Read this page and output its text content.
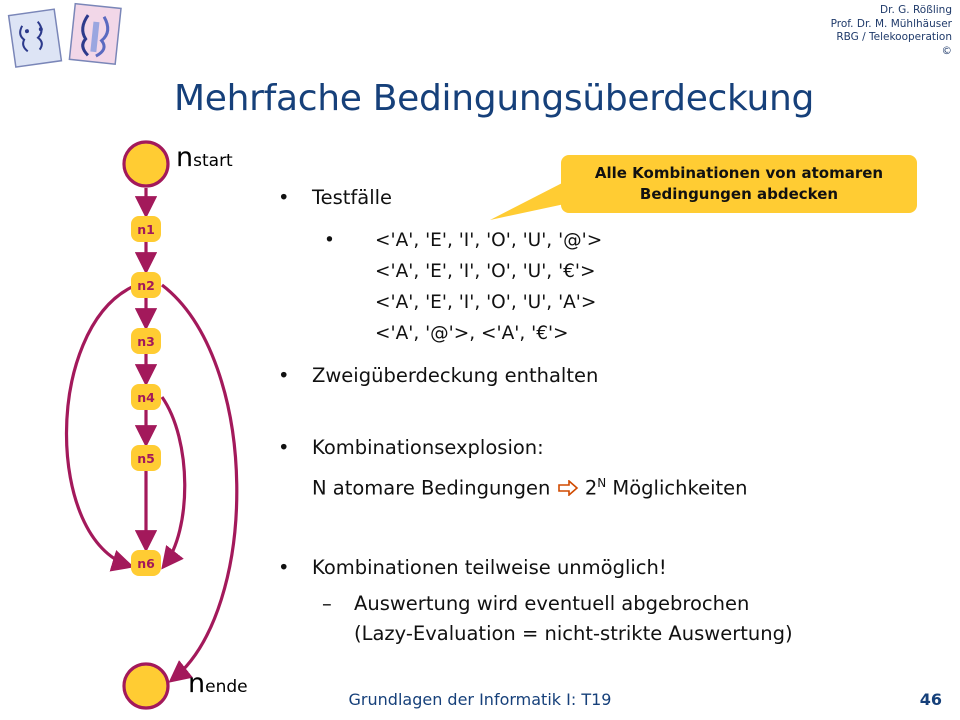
Dr. G. Rößling
Prof. Dr. M. Mühlhäuser
RBG / Telekooperation
©
Mehrfache Bedingungsüberdeckung
n1
n2
n3
n4
n5
n6
nstart
nende
Alle Kombinationen von atomaren
Bedingungen abdecken
• Testfälle
• <'A', 'E', 'I', 'O', 'U', '@'>
<'A', 'E', 'I', 'O', 'U', '€'>
<'A', 'E', 'I', 'O', 'U', 'A'>
<'A', '@'>, <'A', '€'>
• Zweigüberdeckung enthalten
• Kombinationsexplosion:
N atomare Bedingungen $2^N$ Möglichkeiten
• Kombinationen teilweise unmöglich!
– Auswertung wird eventuell abgebrochen
(Lazy-Evaluation = nicht-strikte Auswertung)
Grundlagen der Informatik I: T19	46
